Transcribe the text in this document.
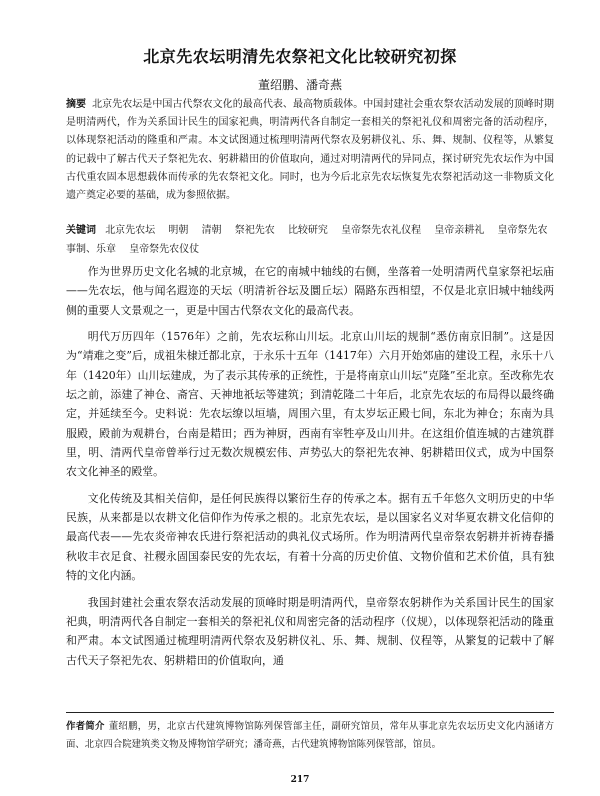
北京先农坛明清先农祭祀文化比较研究初探
董绍鹏、潘奇燕
摘要 北京先农坛是中国古代祭农文化的最高代表、最高物质载体。中国封建社会重农祭农活动发展的顶峰时期是明清两代，作为关系国计民生的国家祀典，明清两代各自制定一套相关的祭祀礼仪和周密完备的活动程序，以体现祭祀活动的隆重和严肃。本文试图通过梳理明清两代祭农及躬耕仪礼、乐、舞、规制、仪程等，从繁复的记载中了解古代天子祭祀先农、躬耕耤田的价值取向，通过对明清两代的异同点，探讨研究先农坛作为中国古代重农固本思想载体而传承的先农祭祀文化。同时，也为今后北京先农坛恢复先农祭祀活动这一非物质文化遗产奠定必要的基础，成为参照依据。
关键词 北京先农坛 明朝 清朝 祭祀先农 比较研究 皇帝祭先农礼仪程 皇帝亲耕礼 皇帝祭先农事制、乐章 皇帝祭先农仪仗

作为世界历史文化名城的北京城，在它的南城中轴线的右侧，坐落着一处明清两代皇家祭祀坛庙——先农坛，他与闻名遐迩的天坛（明清祈谷坛及圜丘坛）隔路东西相望，不仅是北京旧城中轴线两侧的重要人文景观之一，更是中国古代祭农文化的最高代表。

明代万历四年（1576年）之前，先农坛称山川坛。北京山川坛的规制“悉仿南京旧制”。这是因为“靖难之变”后，成祖朱棣迁都北京，于永乐十五年（1417年）六月开始郊庙的建设工程，永乐十八年（1420年）山川坛建成，为了表示其传承的正统性，于是将南京山川坛“克隆”至北京。至改称先农坛之前，添建了神仓、斋宫、天神地祇坛等建筑；到清乾隆二十年后，北京先农坛的布局得以最终确定，并延续至今。史料说：先农坛缭以垣墙，周围六里，有太岁坛正殿七间，东北为神仓；东南为具服殿，殿前为观耕台，台南是耤田；西为神厨，西南有宰牲亭及山川井。在这组价值连城的古建筑群里，明、清两代皇帝曾举行过无数次规模宏伟、声势弘大的祭祀先农神、躬耕耤田仪式，成为中国祭农文化神圣的殿堂。

文化传统及其相关信仰，是任何民族得以繁衍生存的传承之本。据有五千年悠久文明历史的中华民族，从来都是以农耕文化信仰作为传承之根的。北京先农坛，是以国家名义对华夏农耕文化信仰的最高代表——先农炎帝神农氏进行祭祀活动的典礼仪式场所。作为明清两代皇帝祭农躬耕并祈祷春播秋收丰衣足食、社稷永固国泰民安的先农坛，有着十分高的历史价值、文物价值和艺术价值，具有独特的文化内涵。

我国封建社会重农祭农活动发展的顶峰时期是明清两代，皇帝祭农躬耕作为关系国计民生的国家祀典，明清两代各自制定一套相关的祭祀礼仪和周密完备的活动程序（仪规），以体现祭祀活动的隆重和严肃。本文试图通过梳理明清两代祭农及躬耕仪礼、乐、舞、规制、仪程等，从繁复的记载中了解古代天子祭祀先农、躬耕耤田的价值取向，通

作者简介 董绍鹏，男，北京古代建筑博物馆陈列保管部主任，副研究馆员，常年从事北京先农坛历史文化内涵诸方面、北京四合院建筑类文物及博物馆学研究；潘奇燕，古代建筑博物馆陈列保管部，馆员。
217
